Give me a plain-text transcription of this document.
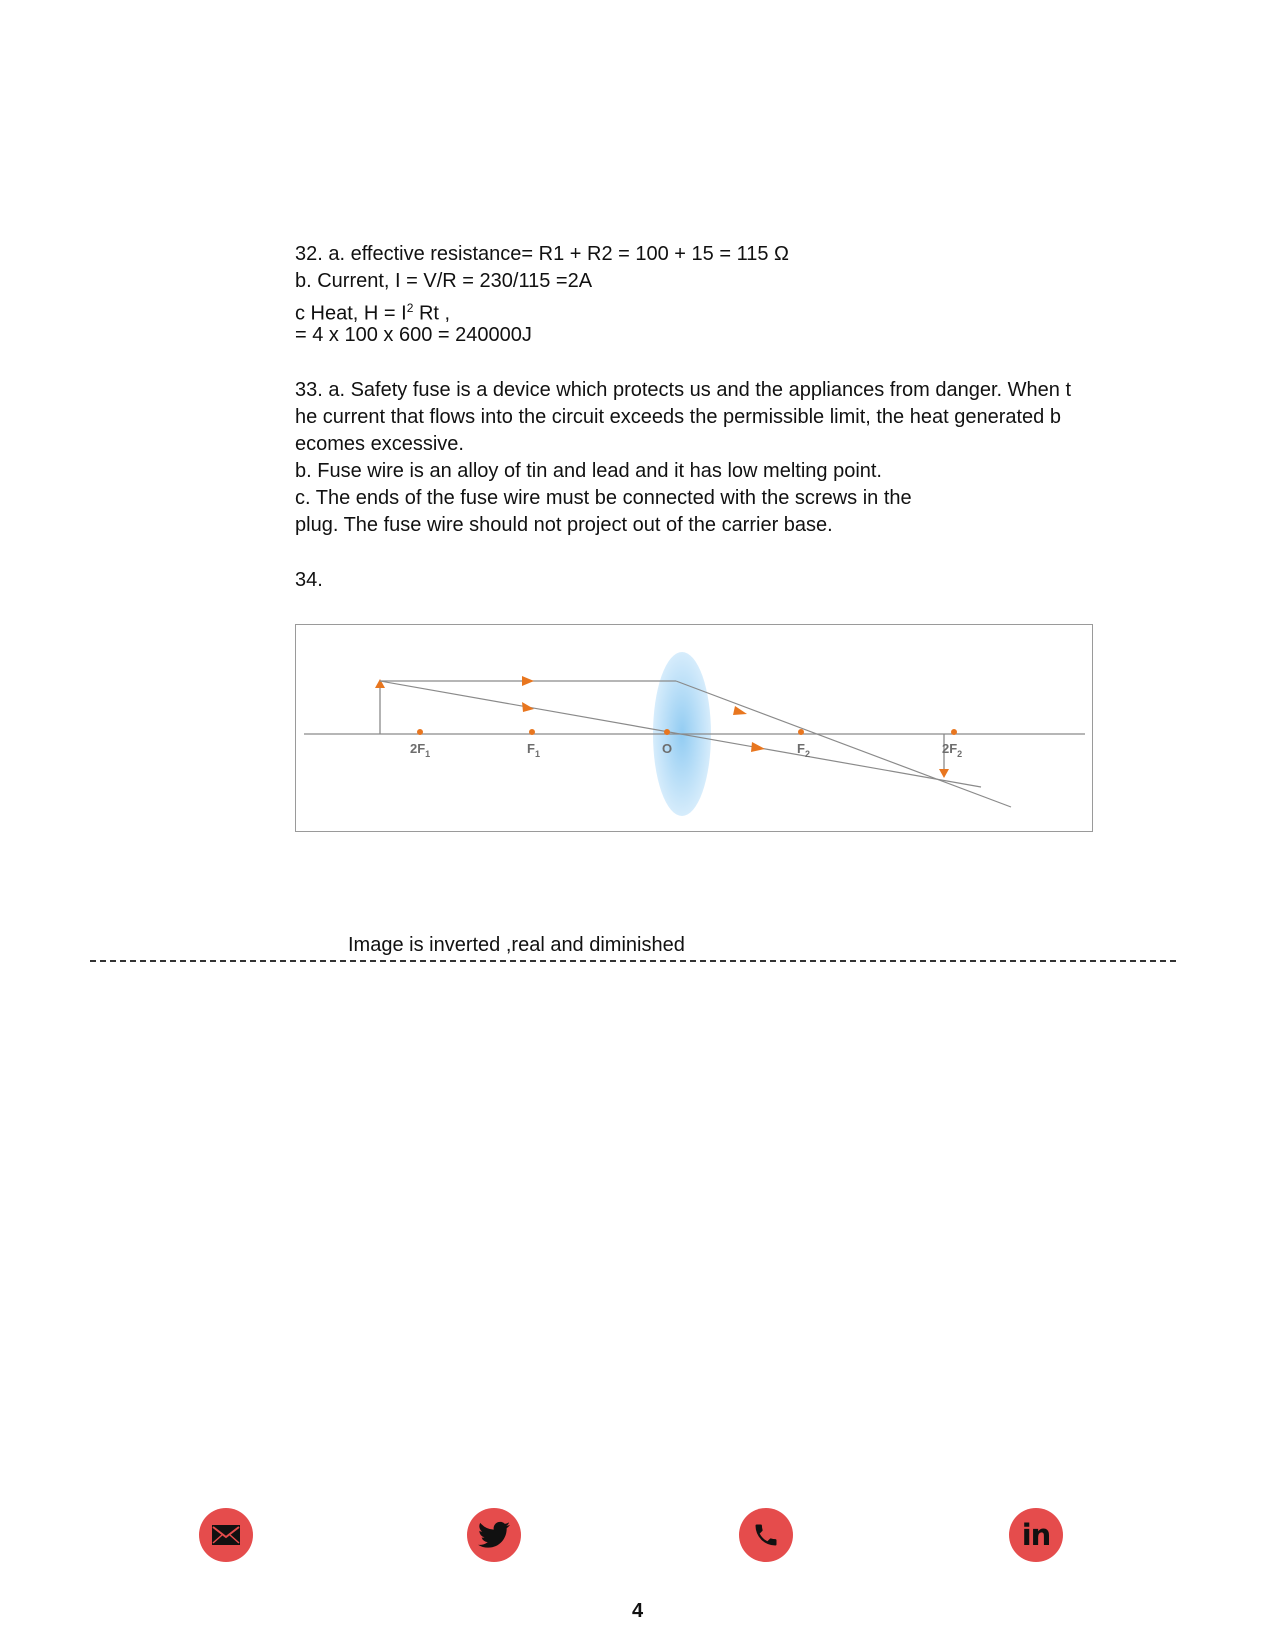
32. a. effective resistance= R1 + R2 = 100 + 15 = 115 Ω

b. Current, I = V/R = 230/115 =2A

c Heat, $H = I^2$ Rt ,

= 4 x 100 x 600 = 240000J

33. a. Safety fuse is a device which protects us and the appliances from danger. When t

he current that flows into the circuit exceeds the permissible limit, the heat generated b

ecomes excessive.

b. Fuse wire is an alloy of tin and lead and it has low melting point.

c. The ends of the fuse wire must be connected with the screws in the

plug. The fuse wire should not project out of the carrier base.

34.

$2F_1$	$F_1$	O	$F_2$	$2F_2$

Image is inverted ,real and diminished

in
4
